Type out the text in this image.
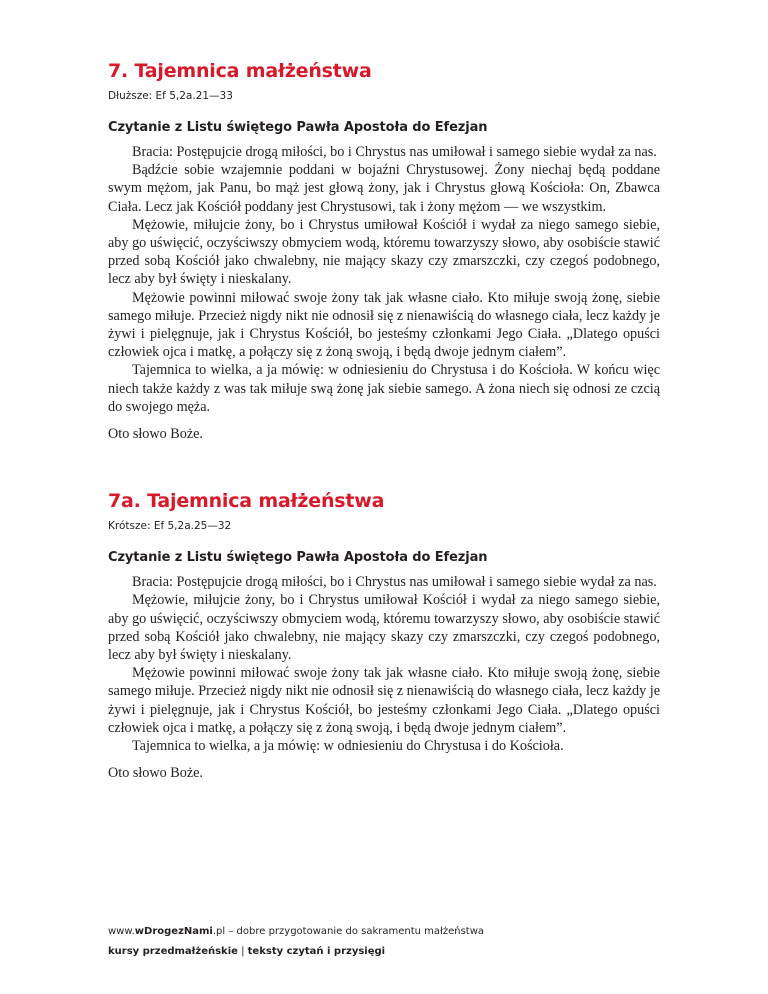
7. Tajemnica małżeństwa

Dłuższe: Ef 5,2a.21—33

Czytanie z Listu świętego Pawła Apostoła do Efezjan

Bracia: Postępujcie drogą miłości, bo i Chrystus nas umiłował i samego siebie wydał za nas.

Bądźcie sobie wzajemnie poddani w bojaźni Chrystusowej. Żony niechaj będą poddane swym mężom, jak Panu, bo mąż jest głową żony, jak i Chrystus głową Kościoła: On, Zbawca Ciała. Lecz jak Kościół poddany jest Chrystusowi, tak i żony mężom — we wszystkim.

Mężowie, miłujcie żony, bo i Chrystus umiłował Kościół i wydał za niego samego siebie, aby go uświęcić, oczyściwszy obmyciem wodą, któremu towarzyszy słowo, aby osobiście stawić przed sobą Kościół jako chwalebny, nie mający skazy czy zmarszczki, czy czegoś podobnego, lecz aby był święty i nieskalany.

Mężowie powinni miłować swoje żony tak jak własne ciało. Kto miłuje swoją żonę, siebie samego miłuje. Przecież nigdy nikt nie odnosił się z nienawiścią do własnego ciała, lecz każdy je żywi i pielęgnuje, jak i Chrystus Kościół, bo jesteśmy członkami Jego Ciała. „Dlatego opuści człowiek ojca i matkę, a połączy się z żoną swoją, i będą dwoje jednym ciałem”.

Tajemnica to wielka, a ja mówię: w odniesieniu do Chrystusa i do Kościoła. W końcu więc niech także każdy z was tak miłuje swą żonę jak siebie samego. A żona niech się odnosi ze czcią do swojego męża.

Oto słowo Boże.

7a. Tajemnica małżeństwa

Krótsze: Ef 5,2a.25—32

Czytanie z Listu świętego Pawła Apostoła do Efezjan

Bracia: Postępujcie drogą miłości, bo i Chrystus nas umiłował i samego siebie wydał za nas.

Mężowie, miłujcie żony, bo i Chrystus umiłował Kościół i wydał za niego samego siebie, aby go uświęcić, oczyściwszy obmyciem wodą, któremu towarzyszy słowo, aby osobiście stawić przed sobą Kościół jako chwalebny, nie mający skazy czy zmarszczki, czy czegoś podobnego, lecz aby był święty i nieskalany.

Mężowie powinni miłować swoje żony tak jak własne ciało. Kto miłuje swoją żonę, siebie samego miłuje. Przecież nigdy nikt nie odnosił się z nienawiścią do własnego ciała, lecz każdy je żywi i pielęgnuje, jak i Chrystus Kościół, bo jesteśmy członkami Jego Ciała. „Dlatego opuści człowiek ojca i matkę, a połączy się z żoną swoją, i będą dwoje jednym ciałem”.

Tajemnica to wielka, a ja mówię: w odniesieniu do Chrystusa i do Kościoła.

Oto słowo Boże.

www.wDrogezNami.pl – dobre przygotowanie do sakramentu małżeństwa
kursy przedmałżeńskie | teksty czytań i przysięgi
